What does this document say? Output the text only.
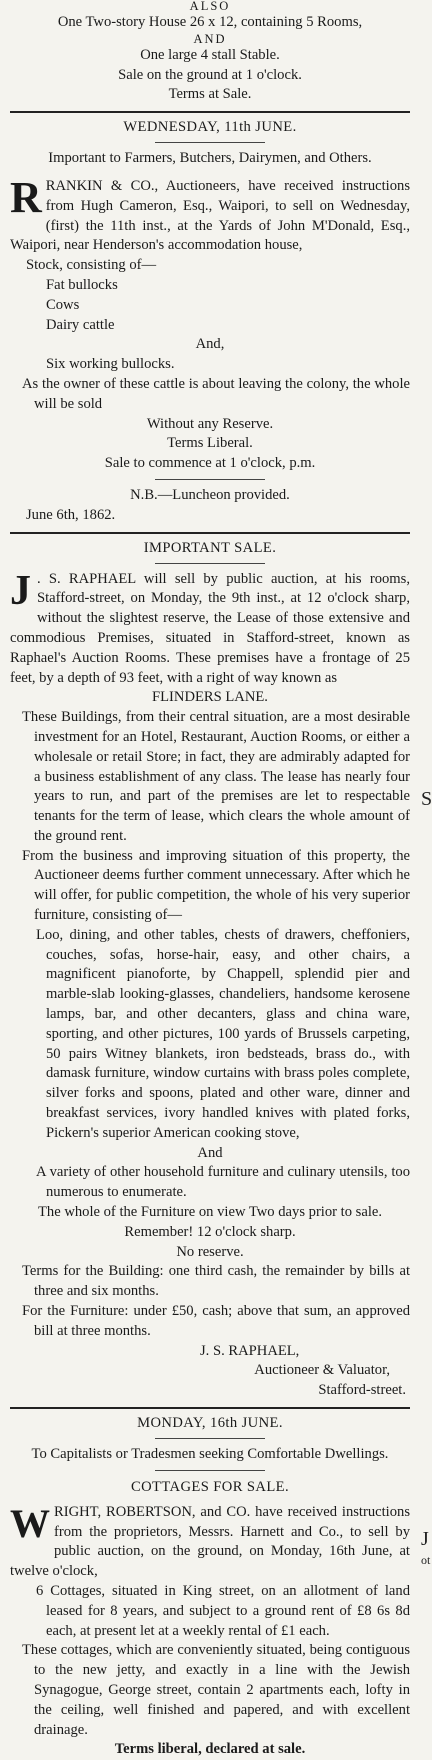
ALSO

One Two-story House 26 x 12, containing 5 Rooms,

AND

One large 4 stall Stable.

Sale on the ground at 1 o'clock.

Terms at Sale.

WEDNESDAY, 11th JUNE.

Important to Farmers, Butchers, Dairymen, and Others.

R RANKIN & CO., Auctioneers, have received instructions from Hugh Cameron, Esq., Waipori, to sell on Wednesday, (first) the 11th inst., at the Yards of John M'Donald, Esq., Waipori, near Henderson's accommodation house,

Stock, consisting of—

Fat bullocks

Cows

Dairy cattle

And,

Six working bullocks.

As the owner of these cattle is about leaving the colony, the whole will be sold

Without any Reserve.

Terms Liberal.

Sale to commence at 1 o'clock, p.m.

N.B.—Luncheon provided.

June 6th, 1862.

IMPORTANT SALE.

J . S. RAPHAEL will sell by public auction, at his rooms, Stafford-street, on Monday, the 9th inst., at 12 o'clock sharp, without the slightest reserve, the Lease of those extensive and commodious Premises, situated in Stafford-street, known as Raphael's Auction Rooms. These premises have a frontage of 25 feet, by a depth of 93 feet, with a right of way known as

FLINDERS LANE.

These Buildings, from their central situation, are a most desirable investment for an Hotel, Restaurant, Auction Rooms, or either a wholesale or retail Store; in fact, they are admirably adapted for a business establishment of any class. The lease has nearly four years to run, and part of the premises are let to respectable tenants for the term of lease, which clears the whole amount of the ground rent.

From the business and improving situation of this property, the Auctioneer deems further comment unnecessary. After which he will offer, for public competition, the whole of his very superior furniture, consisting of—

Loo, dining, and other tables, chests of drawers, cheffoniers, couches, sofas, horse-hair, easy, and other chairs, a magnificent pianoforte, by Chappell, splendid pier and marble-slab looking-glasses, chandeliers, handsome kerosene lamps, bar, and other decanters, glass and china ware, sporting, and other pictures, 100 yards of Brussels carpeting, 50 pairs Witney blankets, iron bedsteads, brass do., with damask furniture, window curtains with brass poles complete, silver forks and spoons, plated and other ware, dinner and breakfast services, ivory handled knives with plated forks, Pickern's superior American cooking stove,

And

A variety of other household furniture and culinary utensils, too numerous to enumerate.

The whole of the Furniture on view Two days prior to sale.

Remember! 12 o'clock sharp.

No reserve.

Terms for the Building: one third cash, the remainder by bills at three and six months.

For the Furniture: under £50, cash; above that sum, an approved bill at three months.

J. S. RAPHAEL,

Auctioneer & Valuator,

Stafford-street.

MONDAY, 16th JUNE.

To Capitalists or Tradesmen seeking Comfortable Dwellings.

COTTAGES FOR SALE.

W RIGHT, ROBERTSON, and CO. have received instructions from the proprietors, Messrs. Harnett and Co., to sell by public auction, on the ground, on Monday, 16th June, at twelve o'clock,

6 Cottages, situated in King street, on an allotment of land leased for 8 years, and subject to a ground rent of £8 6s 8d each, at present let at a weekly rental of £1 each.

These cottages, which are conveniently situated, being contiguous to the new jetty, and exactly in a line with the Jewish Synagogue, George street, contain 2 apartments each, lofty in the ceiling, well finished and papered, and with excellent drainage.

Terms liberal, declared at sale.

S
J
ot
